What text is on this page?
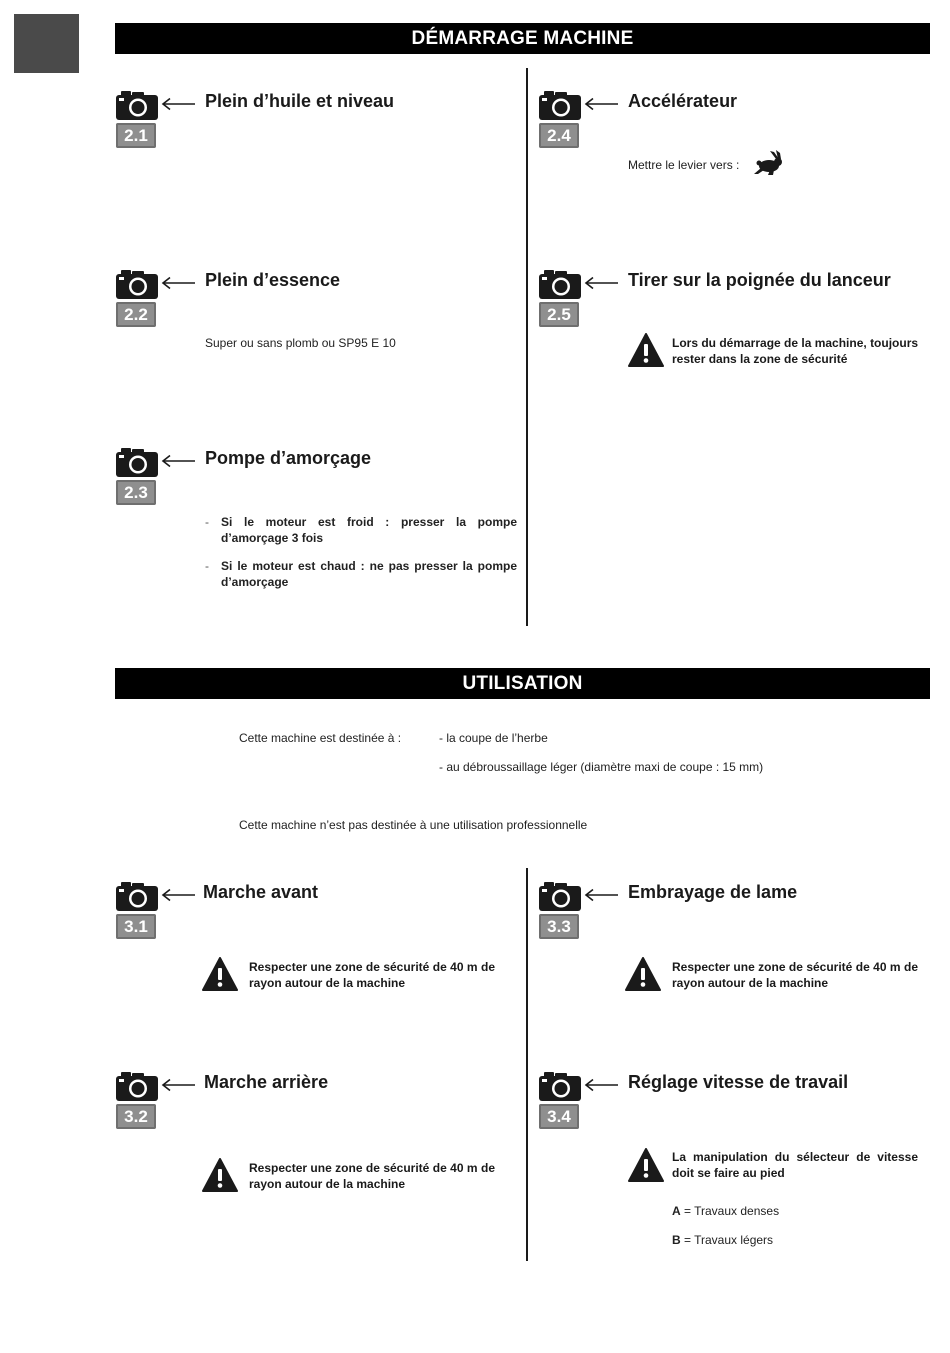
DÉMARRAGE MACHINE
2.1
Plein d’huile et niveau
2.2
Plein d’essence
Super ou sans plomb ou SP95 E 10
2.3
Pompe d’amorçage
- Si le moteur est froid : presser la pompe d’amorçage 3 fois
- Si le moteur est chaud : ne pas presser la pompe d’amorçage
2.4
Accélérateur
Mettre le levier vers :
2.5
Tirer sur la poignée du lanceur
Lors du démarrage de la machine, toujours rester dans la zone de sécurité
UTILISATION
Cette machine est destinée à :	- la coupe de l’herbe
- au débroussaillage léger (diamètre maxi de coupe : 15 mm)
Cette machine n’est pas destinée à une utilisation professionnelle
3.1
Marche avant
Respecter une zone de sécurité de 40 m de rayon autour de la machine
3.2
Marche arrière
Respecter une zone de sécurité de 40 m de rayon autour de la machine
3.3
Embrayage de lame
Respecter une zone de sécurité de 40 m de rayon autour de la machine
3.4
Réglage vitesse de travail
La manipulation du sélecteur de vitesse doit se faire au pied
A = Travaux denses
B = Travaux légers
